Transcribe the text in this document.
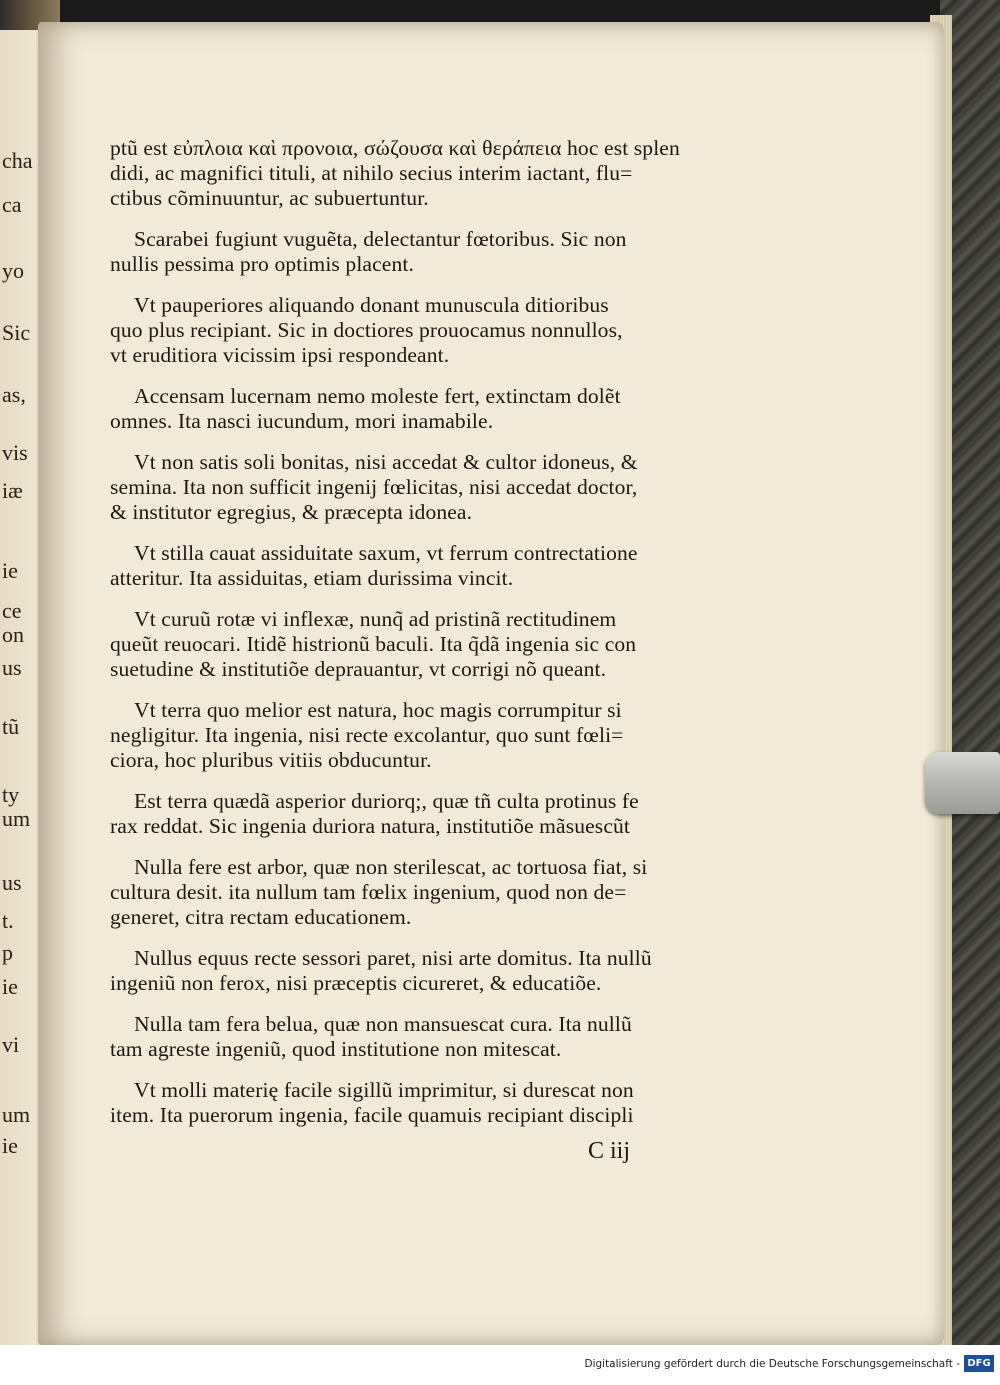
cha
ca
yo
Sic
as,
vis
iæ
ie
ce
on
us
tũ
ty
um
us
t.
p
ie
vi
um
ie
ptũ est εὐπλοια καὶ προνοια, σώζουσα καὶ θεράπεια hoc est splen
didi, ac magnifici tituli, at nihilo secius interim iactant, flu=
ctibus cõminuuntur, ac subuertuntur.
Scarabei fugiunt vuguẽta, delectantur fœtoribus. Sic non
nullis pessima pro optimis placent.
Vt pauperiores aliquando donant munuscula ditioribus
quo plus recipiant. Sic in doctiores prouocamus nonnullos,
vt eruditiora vicissim ipsi respondeant.
Accensam lucernam nemo moleste fert, extinctam dolẽt
omnes. Ita nasci iucundum, mori inamabile.
Vt non satis soli bonitas, nisi accedat & cultor idoneus, &
semina. Ita non sufficit ingenij fœlicitas, nisi accedat doctor,
& institutor egregius, & præcepta idonea.
Vt stilla cauat assiduitate saxum, vt ferrum contrectatione
atteritur. Ita assiduitas, etiam durissima vincit.
Vt curuũ rotæ vi inflexæ, nunq̃ ad pristinã rectitudinem
queũt reuocari. Itidẽ histrionũ baculi. Ita q̃dã ingenia sic con
suetudine & institutiõe deprauantur, vt corrigi nõ queant.
Vt terra quo melior est natura, hoc magis corrumpitur si
negligitur. Ita ingenia, nisi recte excolantur, quo sunt fœli=
ciora, hoc pluribus vitiis obducuntur.
Est terra quædã asperior duriorq;, quæ tñ culta protinus fe
rax reddat. Sic ingenia duriora natura, institutiõe mãsuescũt
Nulla fere est arbor, quæ non sterilescat, ac tortuosa fiat, si
cultura desit. ita nullum tam fœlix ingenium, quod non de=
generet, citra rectam educationem.
Nullus equus recte sessori paret, nisi arte domitus. Ita nullũ
ingeniũ non ferox, nisi præceptis cicureret, & educatiõe.
Nulla tam fera belua, quæ non mansuescat cura. Ita nullũ
tam agreste ingeniũ, quod institutione non mitescat.
Vt molli materię facile sigillũ imprimitur, si durescat non
item. Ita puerorum ingenia, facile quamuis recipiant discipli
C iij
Digitalisierung gefördert durch die Deutsche Forschungsgemeinschaft - DFG
